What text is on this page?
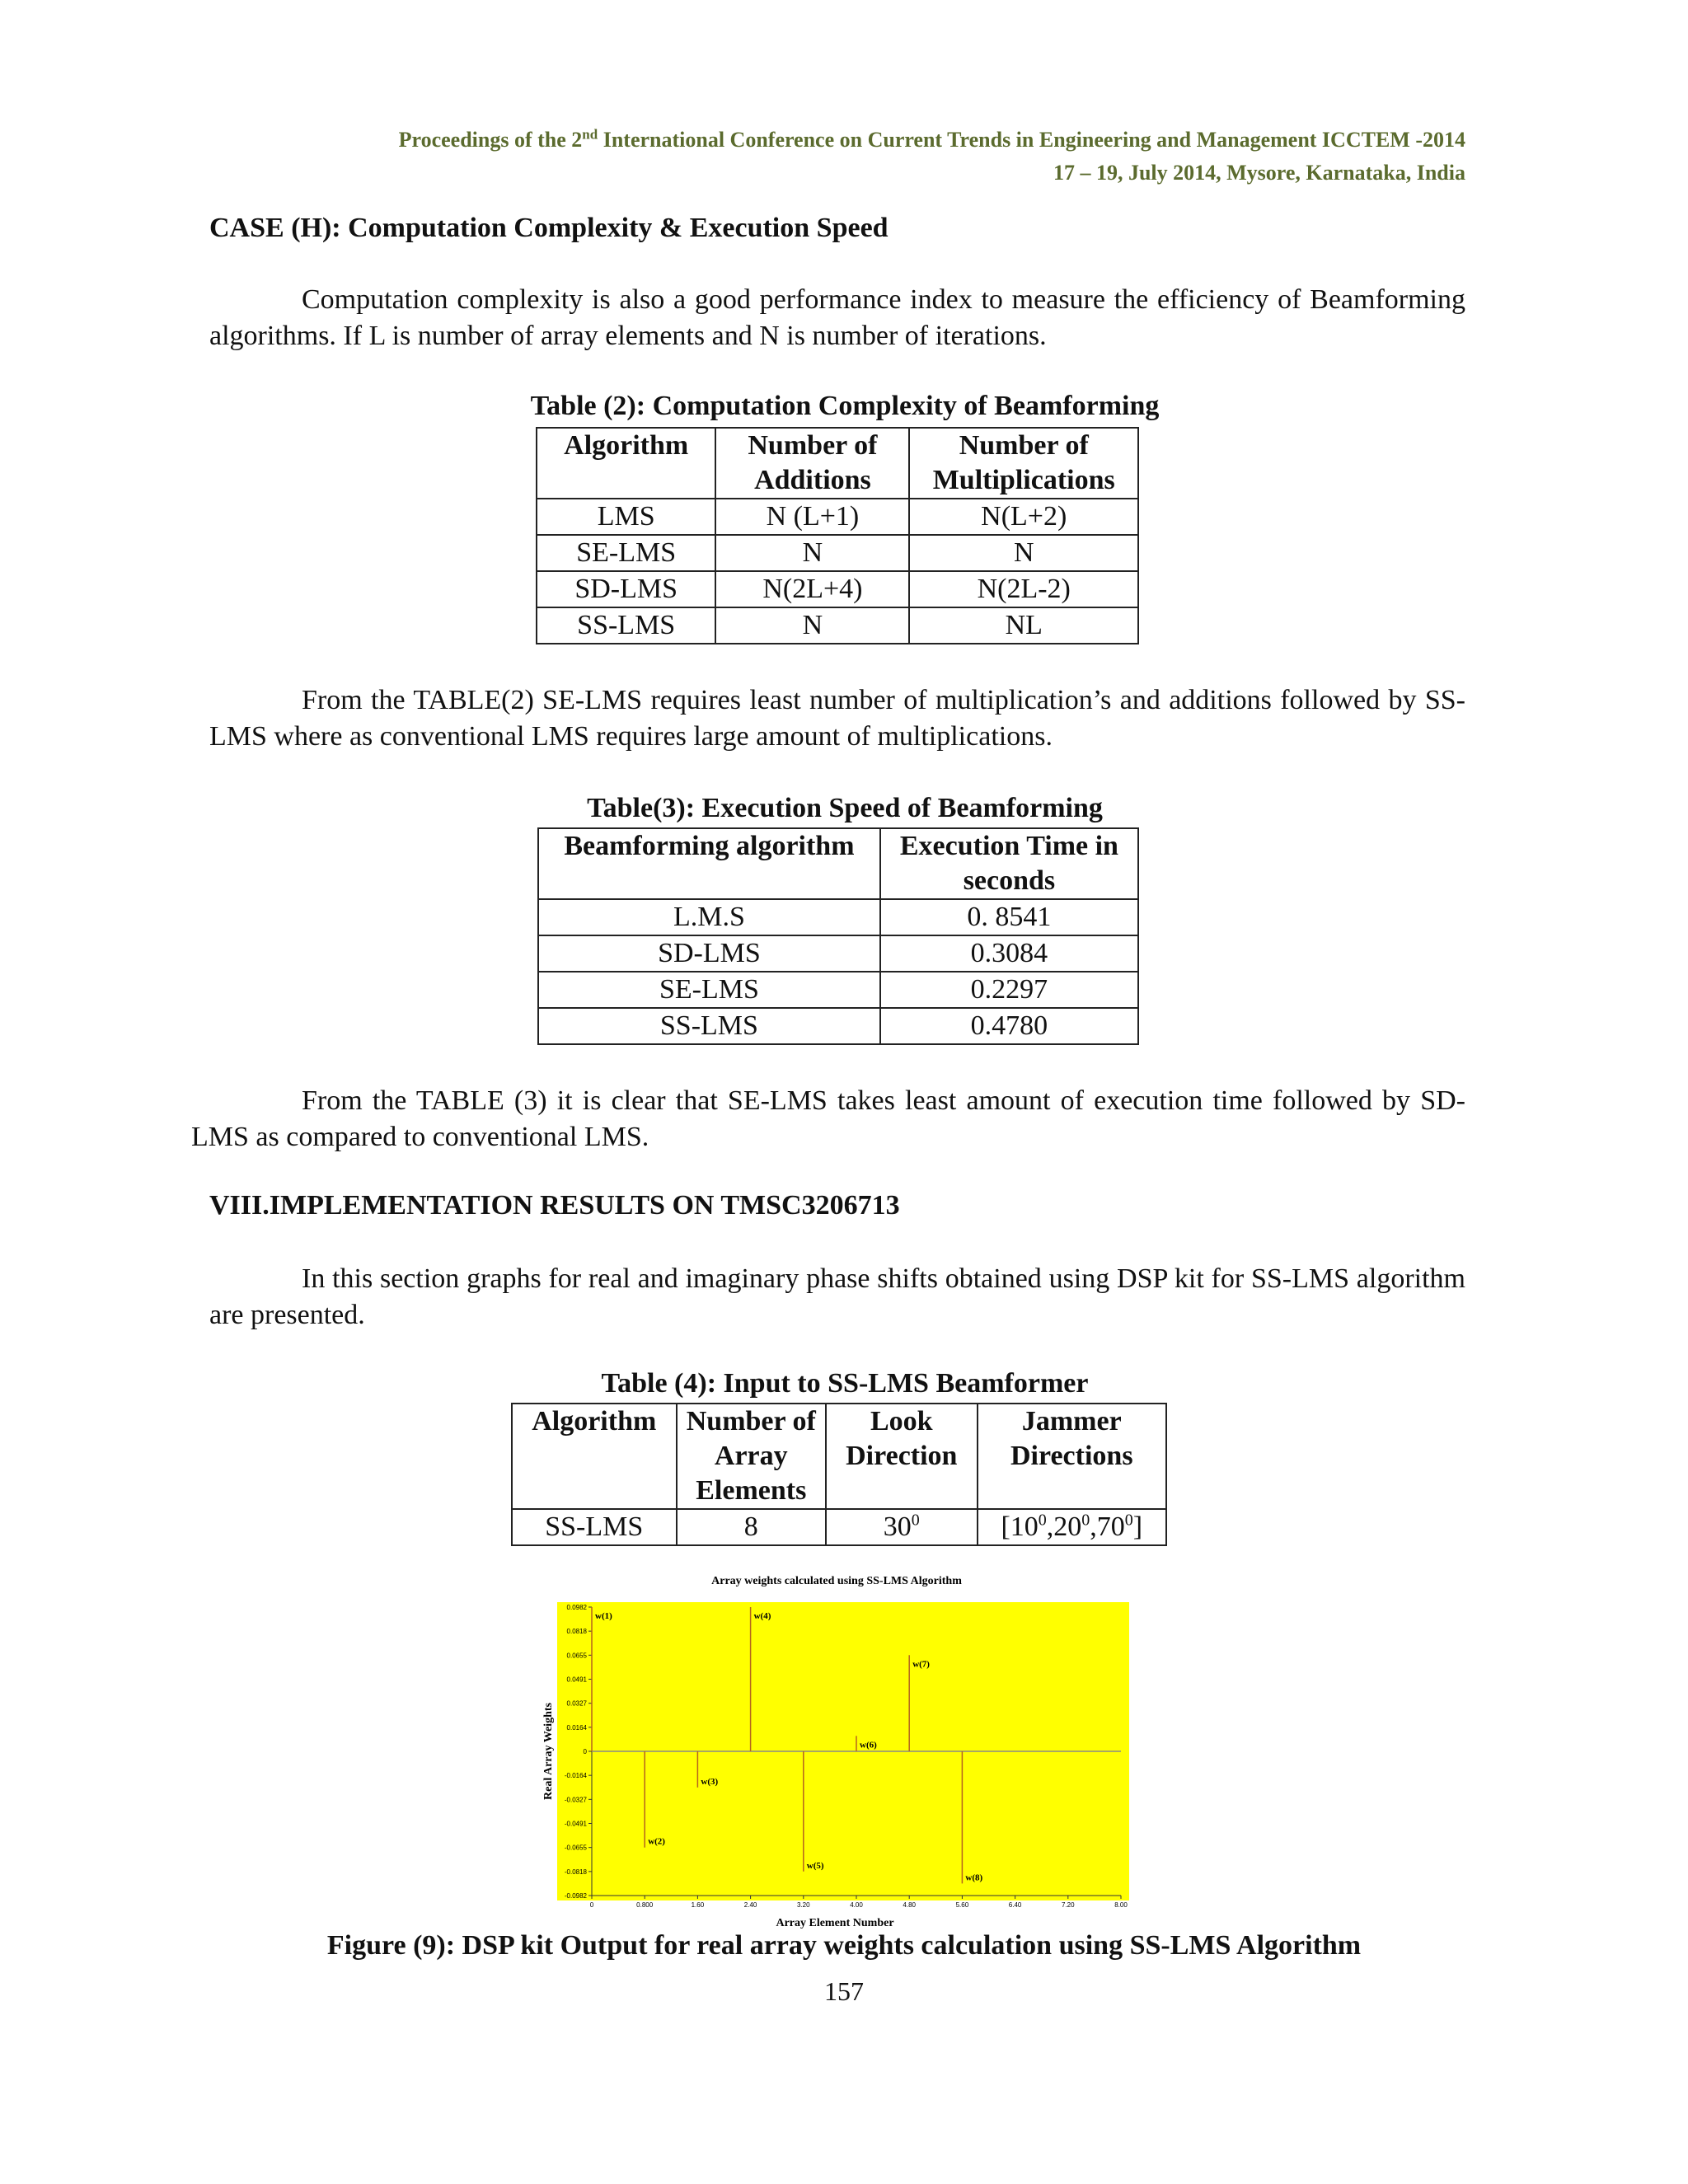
Proceedings of the 2nd International Conference on Current Trends in Engineering and Management ICCTEM -2014
17 – 19, July 2014, Mysore, Karnataka, India
CASE (H): Computation Complexity & Execution Speed
Computation complexity is also a good performance index to measure the efficiency of Beamforming algorithms. If L is number of array elements and N is number of iterations.
Table (2): Computation Complexity of Beamforming
Algorithm	Number of Additions	Number of Multiplications
LMS	N (L+1)	N(L+2)
SE-LMS	N	N
SD-LMS	N(2L+4)	N(2L-2)
SS-LMS	N	NL
From the TABLE(2) SE-LMS requires least number of multiplication’s and additions followed by SS-LMS where as conventional LMS requires large amount of multiplications.
Table(3): Execution Speed of Beamforming
Beamforming algorithm	Execution Time in seconds
L.M.S	0. 8541
SD-LMS	0.3084
SE-LMS	0.2297
SS-LMS	0.4780
From the TABLE (3) it is clear that SE-LMS takes least amount of execution time followed by SD-LMS as compared to conventional LMS.
VIII.IMPLEMENTATION RESULTS ON TMSC3206713
In this section graphs for real and imaginary phase shifts obtained using DSP kit for SS-LMS algorithm are presented.
Table (4): Input to SS-LMS Beamformer
Algorithm	Number of Array Elements	Look Direction	Jammer Directions
SS-LMS	8	$30^0$	$[10^0,20^0,70^0]$
Array weights calculated using SS-LMS Algorithm
Real Array Weights
Array Element Number
0.0982
0.0818
0.0655
0.0491
0.0327
0.0164
0
-0.0164
-0.0327
-0.0491
-0.0655
-0.0818
-0.0982
0	0.800	1.60	2.40	3.20	4.00	4.80	5.60	6.40	7.20	8.00
w(1)
w(2)
w(3)
w(4)
w(5)
w(6)
w(7)
w(8)
Figure (9): DSP kit Output for real array weights calculation using SS-LMS Algorithm
157
